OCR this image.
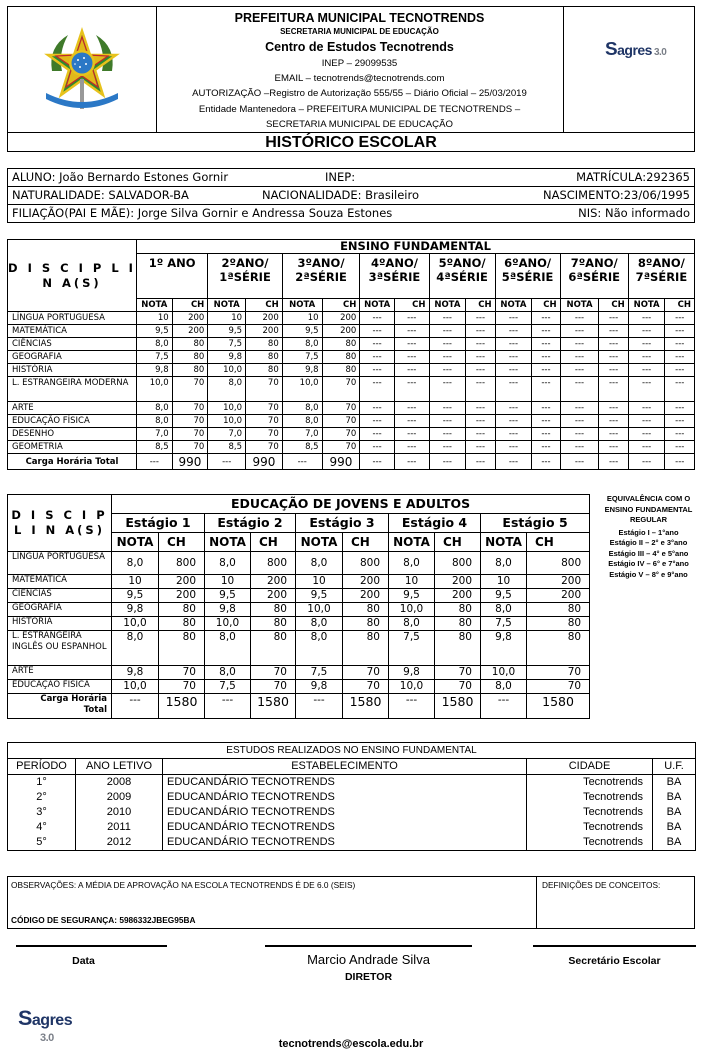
PREFEITURA MUNICIPAL TECNOTRENDS
SECRETARIA MUNICIPAL DE EDUCAÇÃO
Centro de Estudos Tecnotrends
INEP – 29099535
EMAIL – tecnotrends@tecnotrends.com
AUTORIZAÇÃO –Registro de Autorização 555/55 – Diário Oficial – 25/03/2019
Entidade Mantenedora – PREFEITURA MUNICIPAL DE TECNOTRENDS –
SECRETARIA MUNICIPAL DE EDUCAÇÃO
Sagres 3.0
HISTÓRICO ESCOLAR
ALUNO: João Bernardo Estones Gornir	INEP:	MATRÍCULA:292365
NATURALIDADE: SALVADOR-BA	NACIONALIDADE: Brasileiro	NASCIMENTO:23/06/1995
FILIAÇÃO(PAI E MÃE): Jorge Silva Gornir e Andressa Souza Estones	NIS: Não informado
D I S C I P L I N A(S)	ENSINO FUNDAMENTAL															
	1º ANO		2ºANO/ 1ªSÉRIE		3ºANO/ 2ªSÉRIE		4ºANO/ 3ªSÉRIE		5ºANO/ 4ªSÉRIE		6ºANO/ 5ªSÉRIE		7ºANO/ 6ªSÉRIE		8ºANO/ 7ªSÉRIE	
	NOTA	CH	NOTA	CH	NOTA	CH	NOTA	CH	NOTA	CH	NOTA	CH	NOTA	CH	NOTA	CH
LÍNGUA PORTUGUESA	10	200	10	200	10	200	---	---	---	---	---	---	---	---	---	---
MATEMÁTICA	9,5	200	9,5	200	9,5	200	---	---	---	---	---	---	---	---	---	---
CIÊNCIAS	8,0	80	7,5	80	8,0	80	---	---	---	---	---	---	---	---	---	---
GEOGRAFIA	7,5	80	9,8	80	7,5	80	---	---	---	---	---	---	---	---	---	---
HISTÓRIA	9,8	80	10,0	80	9,8	80	---	---	---	---	---	---	---	---	---	---
L. ESTRANGEIRA MODERNA	10,0	70	8,0	70	10,0	70	---	---	---	---	---	---	---	---	---	---
ARTE	8,0	70	10,0	70	8,0	70	---	---	---	---	---	---	---	---	---	---
EDUCAÇÃO FÍSICA	8,0	70	10,0	70	8,0	70	---	---	---	---	---	---	---	---	---	---
DESENHO	7,0	70	7,0	70	7,0	70	---	---	---	---	---	---	---	---	---	---
GEOMETRIA	8,5	70	8,5	70	8,5	70	---	---	---	---	---	---	---	---	---	---
Carga Horária Total	---	990	---	990	---	990	---	---	---	---	---	---	---	---	---	---
D I S C I P L I N A(S)	EDUCAÇÃO DE JOVENS E ADULTOS									
	Estágio 1		Estágio 2		Estágio 3		Estágio 4		Estágio 5	
	NOTA	CH	NOTA	CH	NOTA	CH	NOTA	CH	NOTA	CH
LÍNGUA PORTUGUESA	8,0	800	8,0	800	8,0	800	8,0	800	8,0	800
MATEMÁTICA	10	200	10	200	10	200	10	200	10	200
CIÊNCIAS	9,5	200	9,5	200	9,5	200	9,5	200	9,5	200
GEOGRAFIA	9,8	80	9,8	80	10,0	80	10,0	80	8,0	80
HISTÓRIA	10,0	80	10,0	80	8,0	80	8,0	80	7,5	80
L. ESTRANGEIRA INGLÊS OU ESPANHOL	8,0	80	8,0	80	8,0	80	7,5	80	9,8	80
ARTE	9,8	70	8,0	70	7,5	70	9,8	70	10,0	70
EDUCAÇÃO FÍSICA	10,0	70	7,5	70	9,8	70	10,0	70	8,0	70

Carga Horária
Total	---	1580	---	1580	---	1580	---	1580	---	1580
EQUIVALÊNCIA COM O ENSINO FUNDAMENTAL REGULAR
Estágio I – 1°ano
Estágio II – 2° e 3°ano
Estágio III – 4° e 5°ano
Estágio IV – 6° e 7°ano
Estágio V – 8° e 9°ano
ESTUDOS REALIZADOS NO ENSINO FUNDAMENTAL				
PERÍODO	ANO LETIVO	ESTABELECIMENTO	CIDADE	U.F.
1°	2008	EDUCANDÁRIO TECNOTRENDS	Tecnotrends	BA
2°	2009	EDUCANDÁRIO TECNOTRENDS	Tecnotrends	BA
3°	2010	EDUCANDÁRIO TECNOTRENDS	Tecnotrends	BA
4°	2011	EDUCANDÁRIO TECNOTRENDS	Tecnotrends	BA
5°	2012	EDUCANDÁRIO TECNOTRENDS	Tecnotrends	BA
OBSERVAÇÕES: A MÉDIA DE APROVAÇÃO NA ESCOLA TECNOTRENDS É DE 6.0 (SEIS)
CÓDIGO DE SEGURANÇA: 5986332JBEG95BA
DEFINIÇÕES DE CONCEITOS:
Data	Marcio Andrade Silva
DIRETOR
Secretário Escolar
Sagres
3.0	tecnotrends@escola.edu.br
